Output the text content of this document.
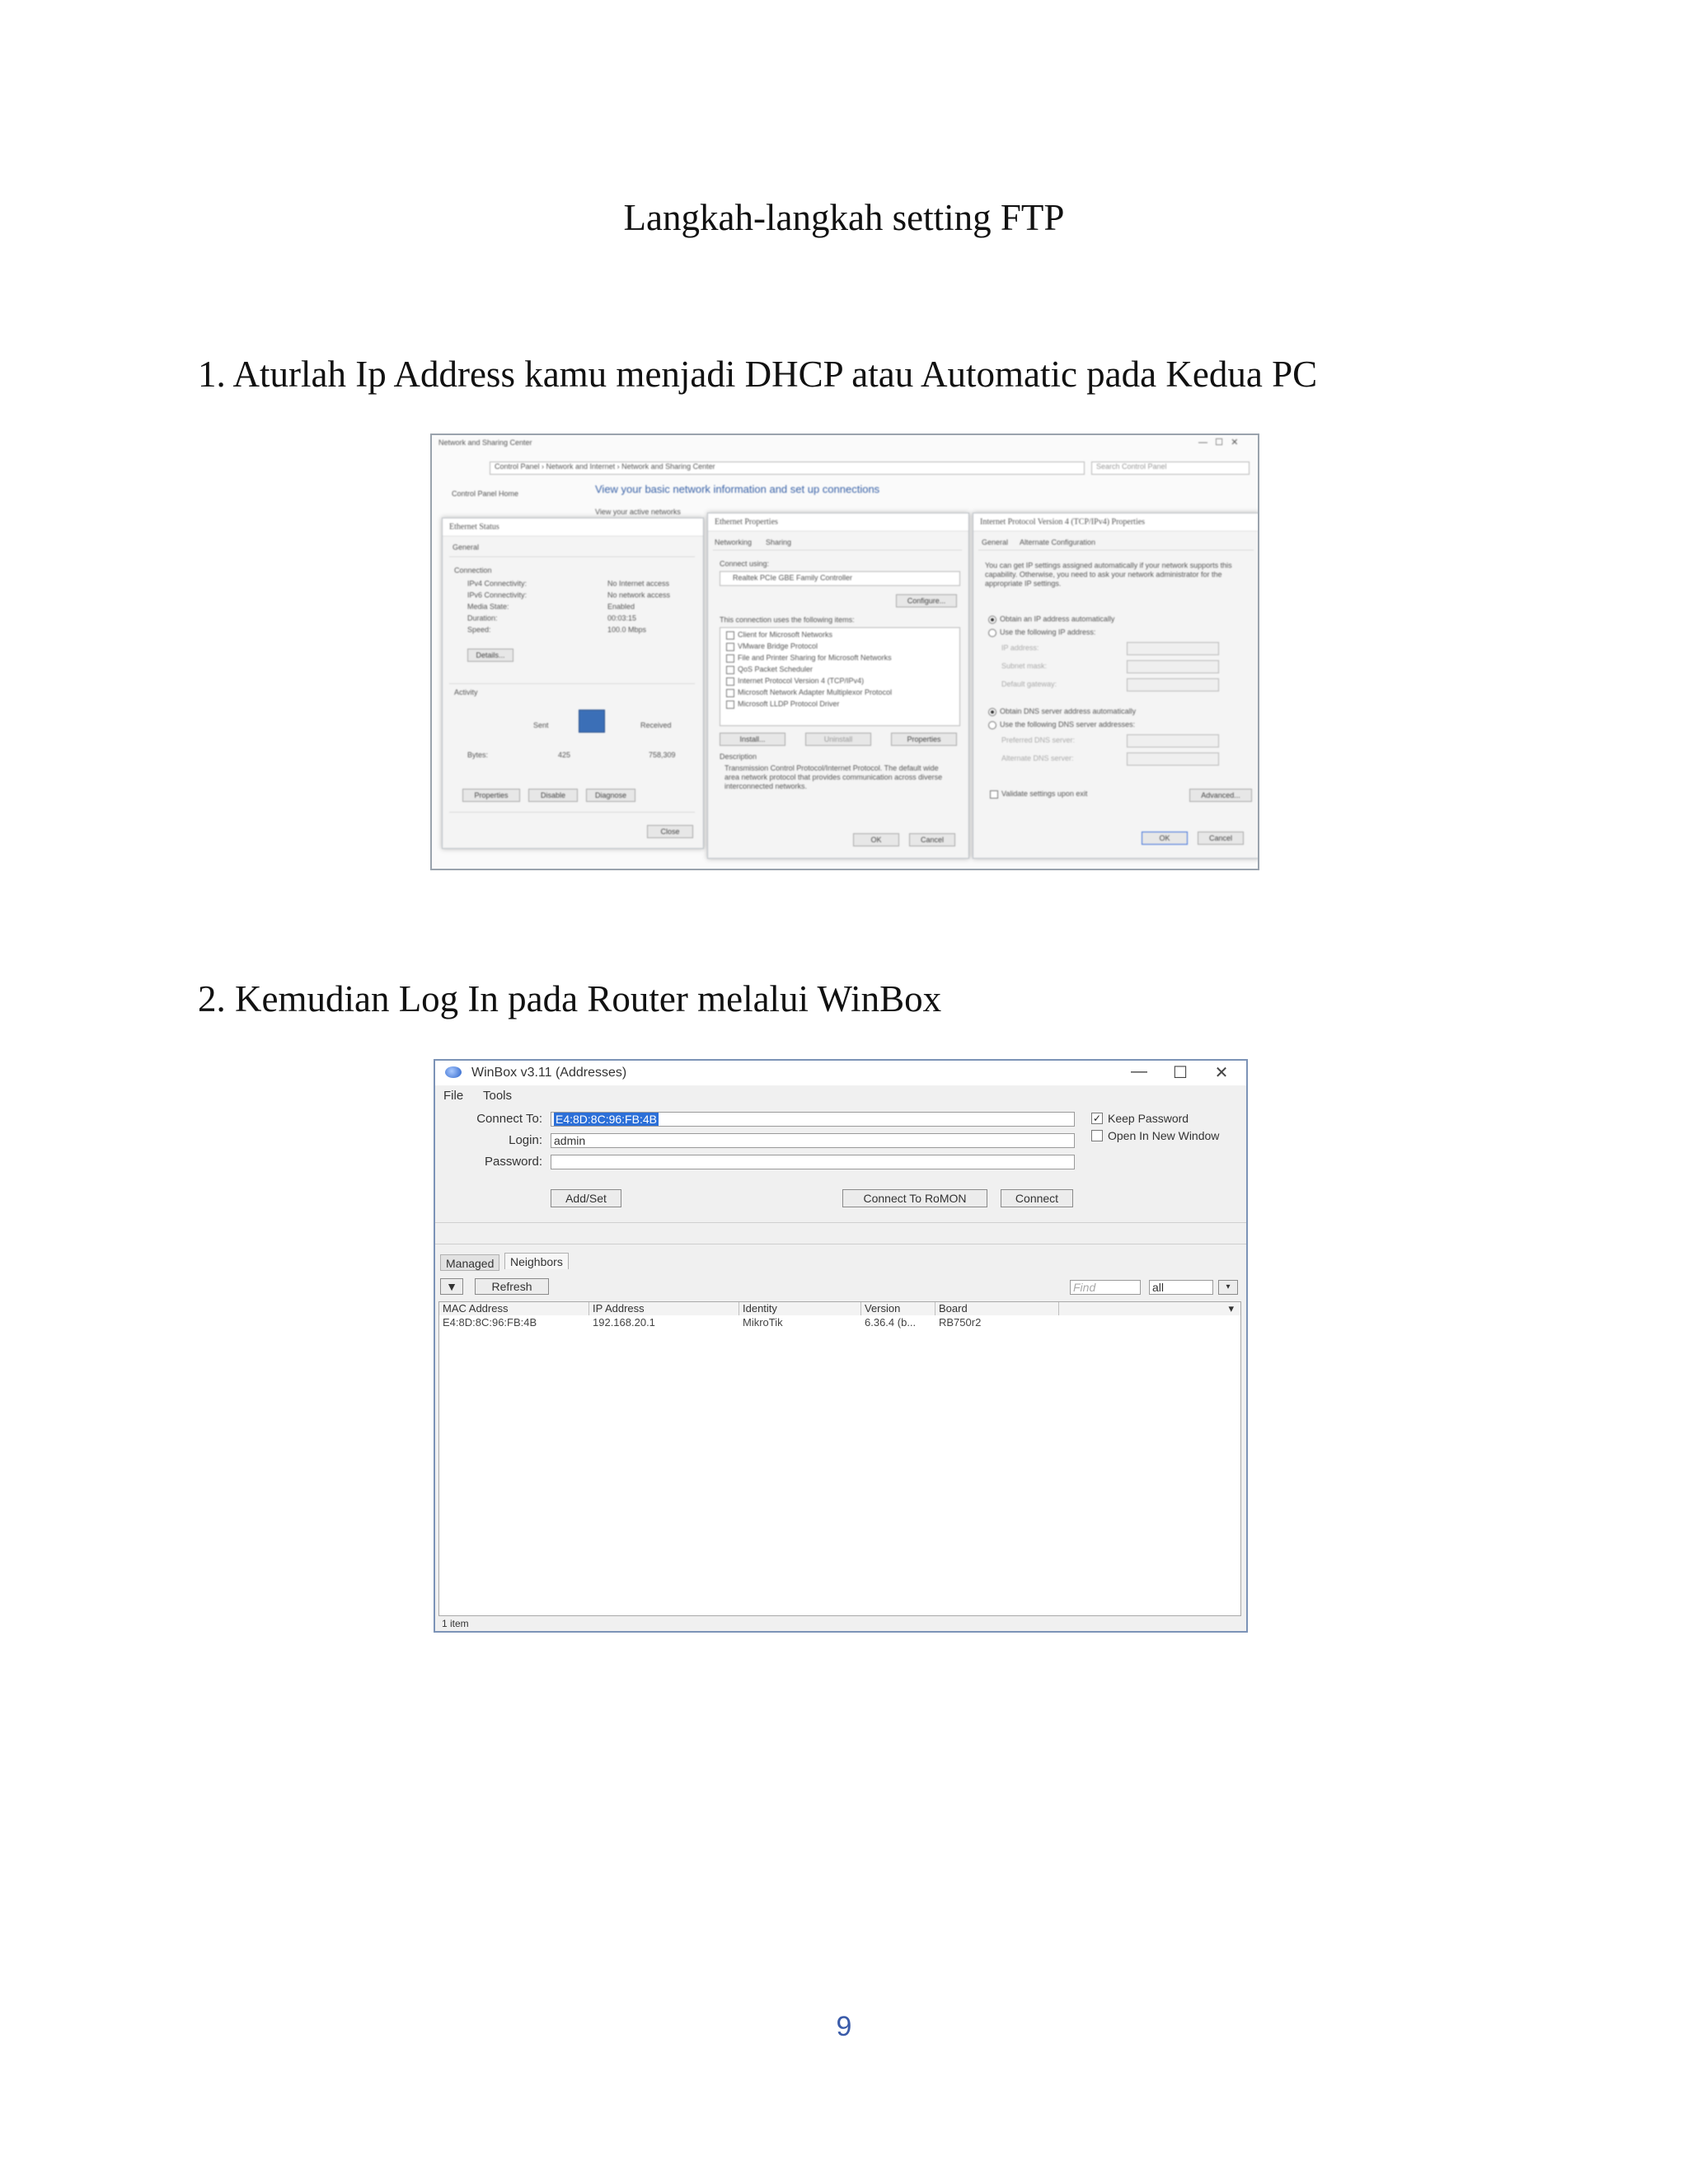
Langkah-langkah setting FTP
1. Aturlah Ip Address kamu menjadi DHCP atau Automatic pada Kedua PC
Network and Sharing Center	—   ☐   ✕
Control Panel › Network and Internet › Network and Sharing Center	Search Control Panel
Control Panel Home	View your basic network information and set up connections
View your active networks
Ethernet Status
General
Connection
IPv4 Connectivity:	No Internet access
IPv6 Connectivity:	No network access
Media State:	Enabled
Duration:	00:03:15
Speed:	100.0 Mbps
Details...
Activity
Sent	Received
Bytes:	425	758,309
Properties	Disable	Diagnose
Close
Ethernet Properties
Networking Sharing
Connect using:
Realtek PCIe GBE Family Controller
Configure...
This connection uses the following items:
Client for Microsoft Networks
VMware Bridge Protocol
File and Printer Sharing for Microsoft Networks
QoS Packet Scheduler
Internet Protocol Version 4 (TCP/IPv4)
Microsoft Network Adapter Multiplexor Protocol
Microsoft LLDP Protocol Driver
Install...	Uninstall	Properties
Description
Transmission Control Protocol/Internet Protocol. The default wide area network protocol that provides communication across diverse interconnected networks.
OK	Cancel
Internet Protocol Version 4 (TCP/IPv4) Properties
General Alternate Configuration
You can get IP settings assigned automatically if your network supports this capability. Otherwise, you need to ask your network administrator for the appropriate IP settings.
Obtain an IP address automatically
Use the following IP address:
IP address:
Subnet mask:
Default gateway:
Obtain DNS server address automatically
Use the following DNS server addresses:
Preferred DNS server:
Alternate DNS server:
Validate settings upon exit	Advanced...
OK	Cancel
2. Kemudian Log In pada Router melalui WinBox
WinBox v3.11 (Addresses)	—	☐	✕
File Tools
Connect To:	E4:8D:8C:96:FB:4B
Login: admin
Password:
✓ Keep Password
Open In New Window
Add/Set	Connect To RoMON	Connect
Managed	Neighbors
▼	Refresh	Find	all	▾
MAC Address	IP Address	Identity	Version	Board	▾
E4:8D:8C:96:FB:4B	192.168.20.1	MikroTik	6.36.4 (b...	RB750r2
1 item
9
